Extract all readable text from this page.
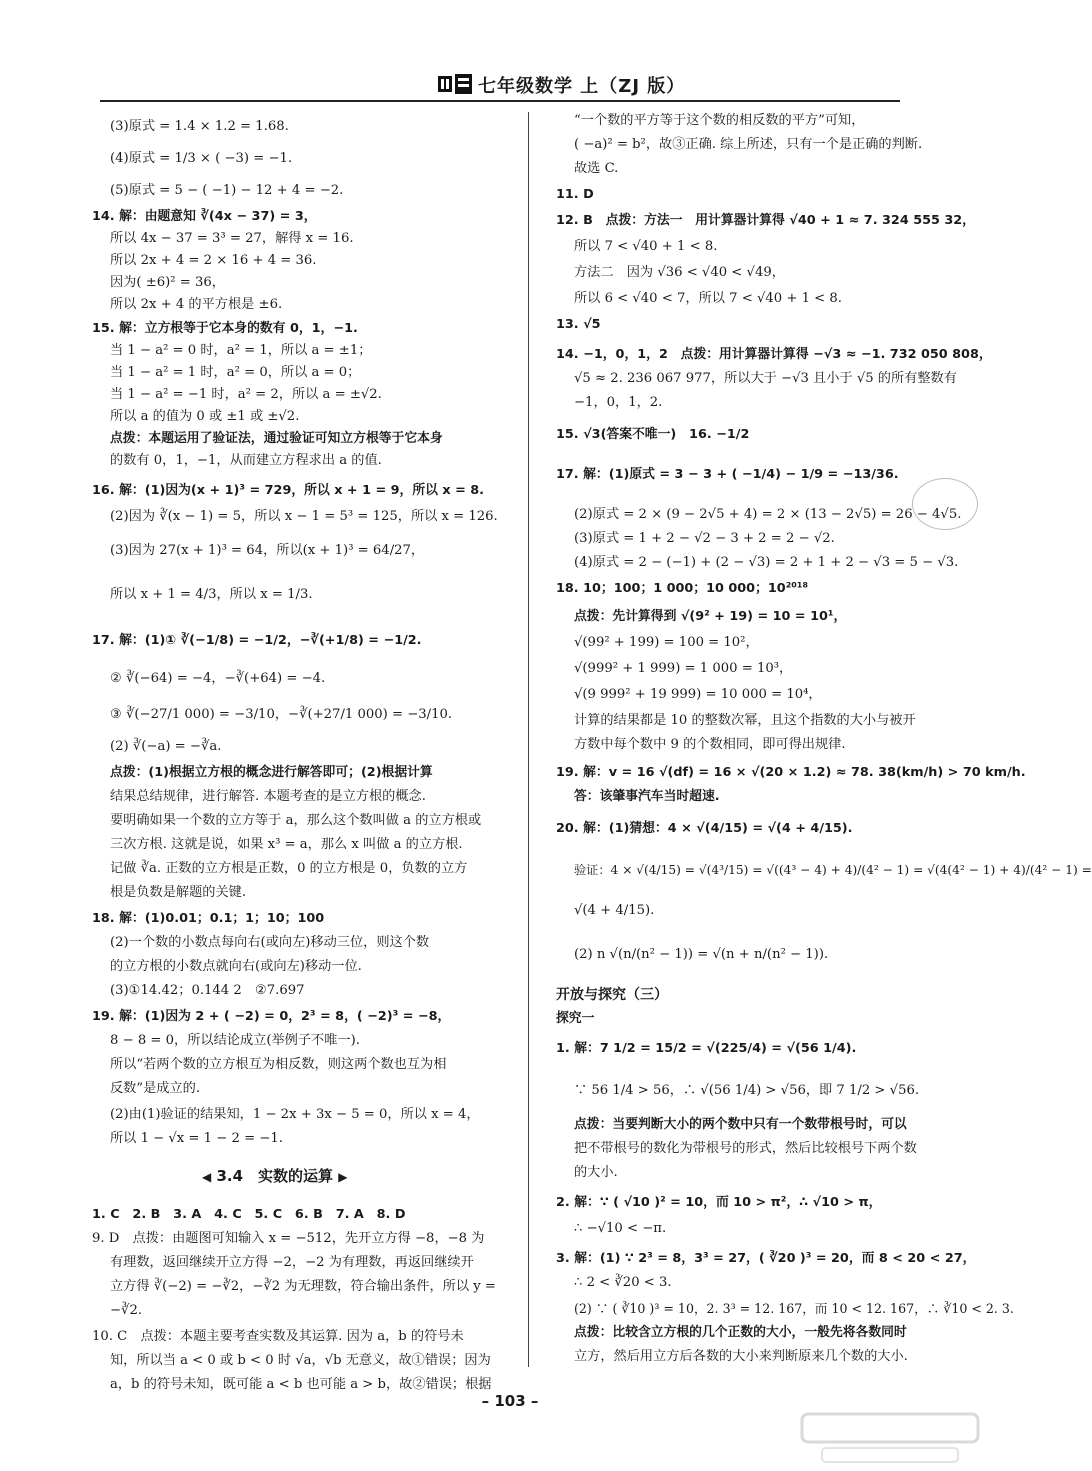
七年级数学 上（ZJ 版）
(3)原式 = 1.4 × 1.2 = 1.68.
(4)原式 = 1/3 × ( −3) = −1.
(5)原式 = 5 − ( −1) − 12 + 4 = −2.
14. 解：由题意知 ∛(4x − 37) = 3，
所以 4x − 37 = 3³ = 27，解得 x = 16.
所以 2x + 4 = 2 × 16 + 4 = 36.
因为( ±6)² = 36，
所以 2x + 4 的平方根是 ±6.
15. 解：立方根等于它本身的数有 0，1，−1.
当 1 − a² = 0 时，a² = 1，所以 a = ±1；
当 1 − a² = 1 时，a² = 0，所以 a = 0；
当 1 − a² = −1 时，a² = 2，所以 a = ±√2.
所以 a 的值为 0 或 ±1 或 ±√2.
点拨：本题运用了验证法，通过验证可知立方根等于它本身
的数有 0，1，−1，从而建立方程求出 a 的值.
16. 解：(1)因为(x + 1)³ = 729，所以 x + 1 = 9，所以 x = 8.
(2)因为 ∛(x − 1) = 5，所以 x − 1 = 5³ = 125，所以 x = 126.
(3)因为 27(x + 1)³ = 64，所以(x + 1)³ = 64/27，
所以 x + 1 = 4/3，所以 x = 1/3.
17. 解：(1)① ∛(−1/8) = −1/2，−∛(+1/8) = −1/2.
② ∛(−64) = −4，−∛(+64) = −4.
③ ∛(−27/1 000) = −3/10，−∛(+27/1 000) = −3/10.
(2) ∛(−a) = −∛a.
点拨：(1)根据立方根的概念进行解答即可；(2)根据计算
结果总结规律，进行解答. 本题考查的是立方根的概念.
要明确如果一个数的立方等于 a，那么这个数叫做 a 的立方根或
三次方根. 这就是说，如果 x³ = a，那么 x 叫做 a 的立方根.
记做 ∛a. 正数的立方根是正数，0 的立方根是 0，负数的立方
根是负数是解题的关键.
18. 解：(1)0.01；0.1；1；10；100
(2)一个数的小数点每向右(或向左)移动三位，则这个数
的立方根的小数点就向右(或向左)移动一位.
(3)①14.42；0.144 2　②7.697
19. 解：(1)因为 2 + ( −2) = 0，2³ = 8，( −2)³ = −8，
8 − 8 = 0，所以结论成立(举例子不唯一).
所以“若两个数的立方根互为相反数，则这两个数也互为相
反数”是成立的.
(2)由(1)验证的结果知，1 − 2x + 3x − 5 = 0，所以 x = 4，
所以 1 − √x = 1 − 2 = −1.
◀ 3.4　实数的运算 ▶
1. C　2. B　3. A　4. C　5. C　6. B　7. A　8. D
9. D　点拨：由题图可知输入 x = −512，先开立方得 −8，−8 为
有理数，返回继续开立方得 −2，−2 为有理数，再返回继续开
立方得 ∛(−2) = −∛2，−∛2 为无理数，符合输出条件，所以 y =
−∛2.
10. C　点拨：本题主要考查实数及其运算. 因为 a，b 的符号未
知，所以当 a < 0 或 b < 0 时 √a，√b 无意义，故①错误；因为
a，b 的符号未知，既可能 a < b 也可能 a > b，故②错误；根据
“一个数的平方等于这个数的相反数的平方”可知，
( −a)² = b²，故③正确. 综上所述，只有一个是正确的判断.
故选 C.
11. D
12. B　点拨：方法一　用计算器计算得 √40 + 1 ≈ 7. 324 555 32，
所以 7 < √40 + 1 < 8.
方法二　因为 √36 < √40 < √49，
所以 6 < √40 < 7，所以 7 < √40 + 1 < 8.
13. √5
14. −1，0，1，2　点拨：用计算器计算得 −√3 ≈ −1. 732 050 808，
√5 ≈ 2. 236 067 977，所以大于 −√3 且小于 √5 的所有整数有
−1，0，1，2.
15. √3(答案不唯一)　16. −1/2
17. 解：(1)原式 = 3 − 3 + ( −1/4) − 1/9 = −13/36.
(2)原式 = 2 × (9 − 2√5 + 4) = 2 × (13 − 2√5) = 26 − 4√5.
(3)原式 = 1 + 2 − √2 − 3 + 2 = 2 − √2.
(4)原式 = 2 − (−1) + (2 − √3) = 2 + 1 + 2 − √3 = 5 − √3.
18. 10；100；1 000；10 000；10²⁰¹⁸
点拨：先计算得到 √(9² + 19) = 10 = 10¹，
√(99² + 199) = 100 = 10²，
√(999² + 1 999) = 1 000 = 10³，
√(9 999² + 19 999) = 10 000 = 10⁴，
计算的结果都是 10 的整数次幂，且这个指数的大小与被开
方数中每个数中 9 的个数相同，即可得出规律.
19. 解：v = 16 √(df) = 16 × √(20 × 1.2) ≈ 78. 38(km/h) > 70 km/h.
答：该肇事汽车当时超速.
20. 解：(1)猜想：4 × √(4/15) = √(4 + 4/15).
验证：4 × √(4/15) = √(4³/15) = √((4³ − 4) + 4)/(4² − 1) = √(4(4² − 1) + 4)/(4² − 1) =
√(4 + 4/15).
(2) n √(n/(n² − 1)) = √(n + n/(n² − 1)).
开放与探究（三）
探究一
1. 解：7 1/2 = 15/2 = √(225/4) = √(56 1/4).
∵ 56 1/4 > 56，∴ √(56 1/4) > √56，即 7 1/2 > √56.
点拨：当要判断大小的两个数中只有一个数带根号时，可以
把不带根号的数化为带根号的形式，然后比较根号下两个数
的大小.
2. 解：∵ ( √10 )² = 10，而 10 > π²，∴ √10 > π，
∴ −√10 < −π.
3. 解：(1) ∵ 2³ = 8，3³ = 27，( ∛20 )³ = 20，而 8 < 20 < 27，
∴ 2 < ∛20 < 3.
(2) ∵ ( ∛10 )³ = 10，2. 3³ = 12. 167，而 10 < 12. 167，∴ ∛10 < 2. 3.
点拨：比较含立方根的几个正数的大小，一般先将各数同时
立方，然后用立方后各数的大小来判断原来几个数的大小.
– 103 –
